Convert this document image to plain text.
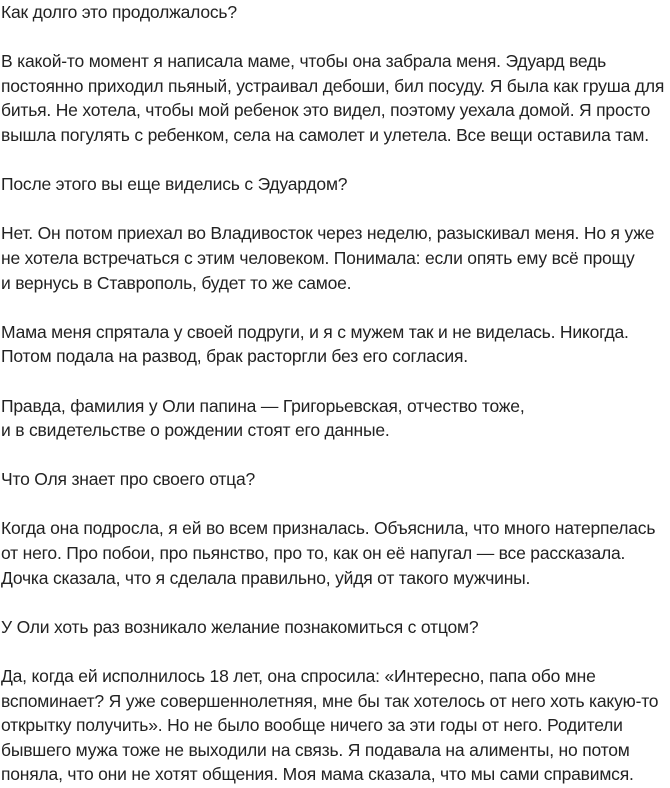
Как долго это продолжалось?
В какой-то момент я написала маме, чтобы она забрала меня. Эдуард ведь
постоянно приходил пьяный, устраивал дебоши, бил посуду. Я была как груша для
битья. Не хотела, чтобы мой ребенок это видел, поэтому уехала домой. Я просто
вышла погулять с ребенком, села на самолет и улетела. Все вещи оставила там.
После этого вы еще виделись с Эдуардом?
Нет. Он потом приехал во Владивосток через неделю, разыскивал меня. Но я уже
не хотела встречаться с этим человеком. Понимала: если опять ему всё прощу
и вернусь в Ставрополь, будет то же самое.
Мама меня спрятала у своей подруги, и я с мужем так и не виделась. Никогда.
Потом подала на развод, брак расторгли без его согласия.
Правда, фамилия у Оли папина — Григорьевская, отчество тоже,
и в свидетельстве о рождении стоят его данные.
Что Оля знает про своего отца?
Когда она подросла, я ей во всем призналась. Объяснила, что много натерпелась
от него. Про побои, про пьянство, про то, как он её напугал — все рассказала.
Дочка сказала, что я сделала правильно, уйдя от такого мужчины.
У Оли хоть раз возникало желание познакомиться с отцом?
Да, когда ей исполнилось 18 лет, она спросила: «Интересно, папа обо мне
вспоминает? Я уже совершеннолетняя, мне бы так хотелось от него хоть какую-то
открытку получить». Но не было вообще ничего за эти годы от него. Родители
бывшего мужа тоже не выходили на связь. Я подавала на алименты, но потом
поняла, что они не хотят общения. Моя мама сказала, что мы сами справимся.
